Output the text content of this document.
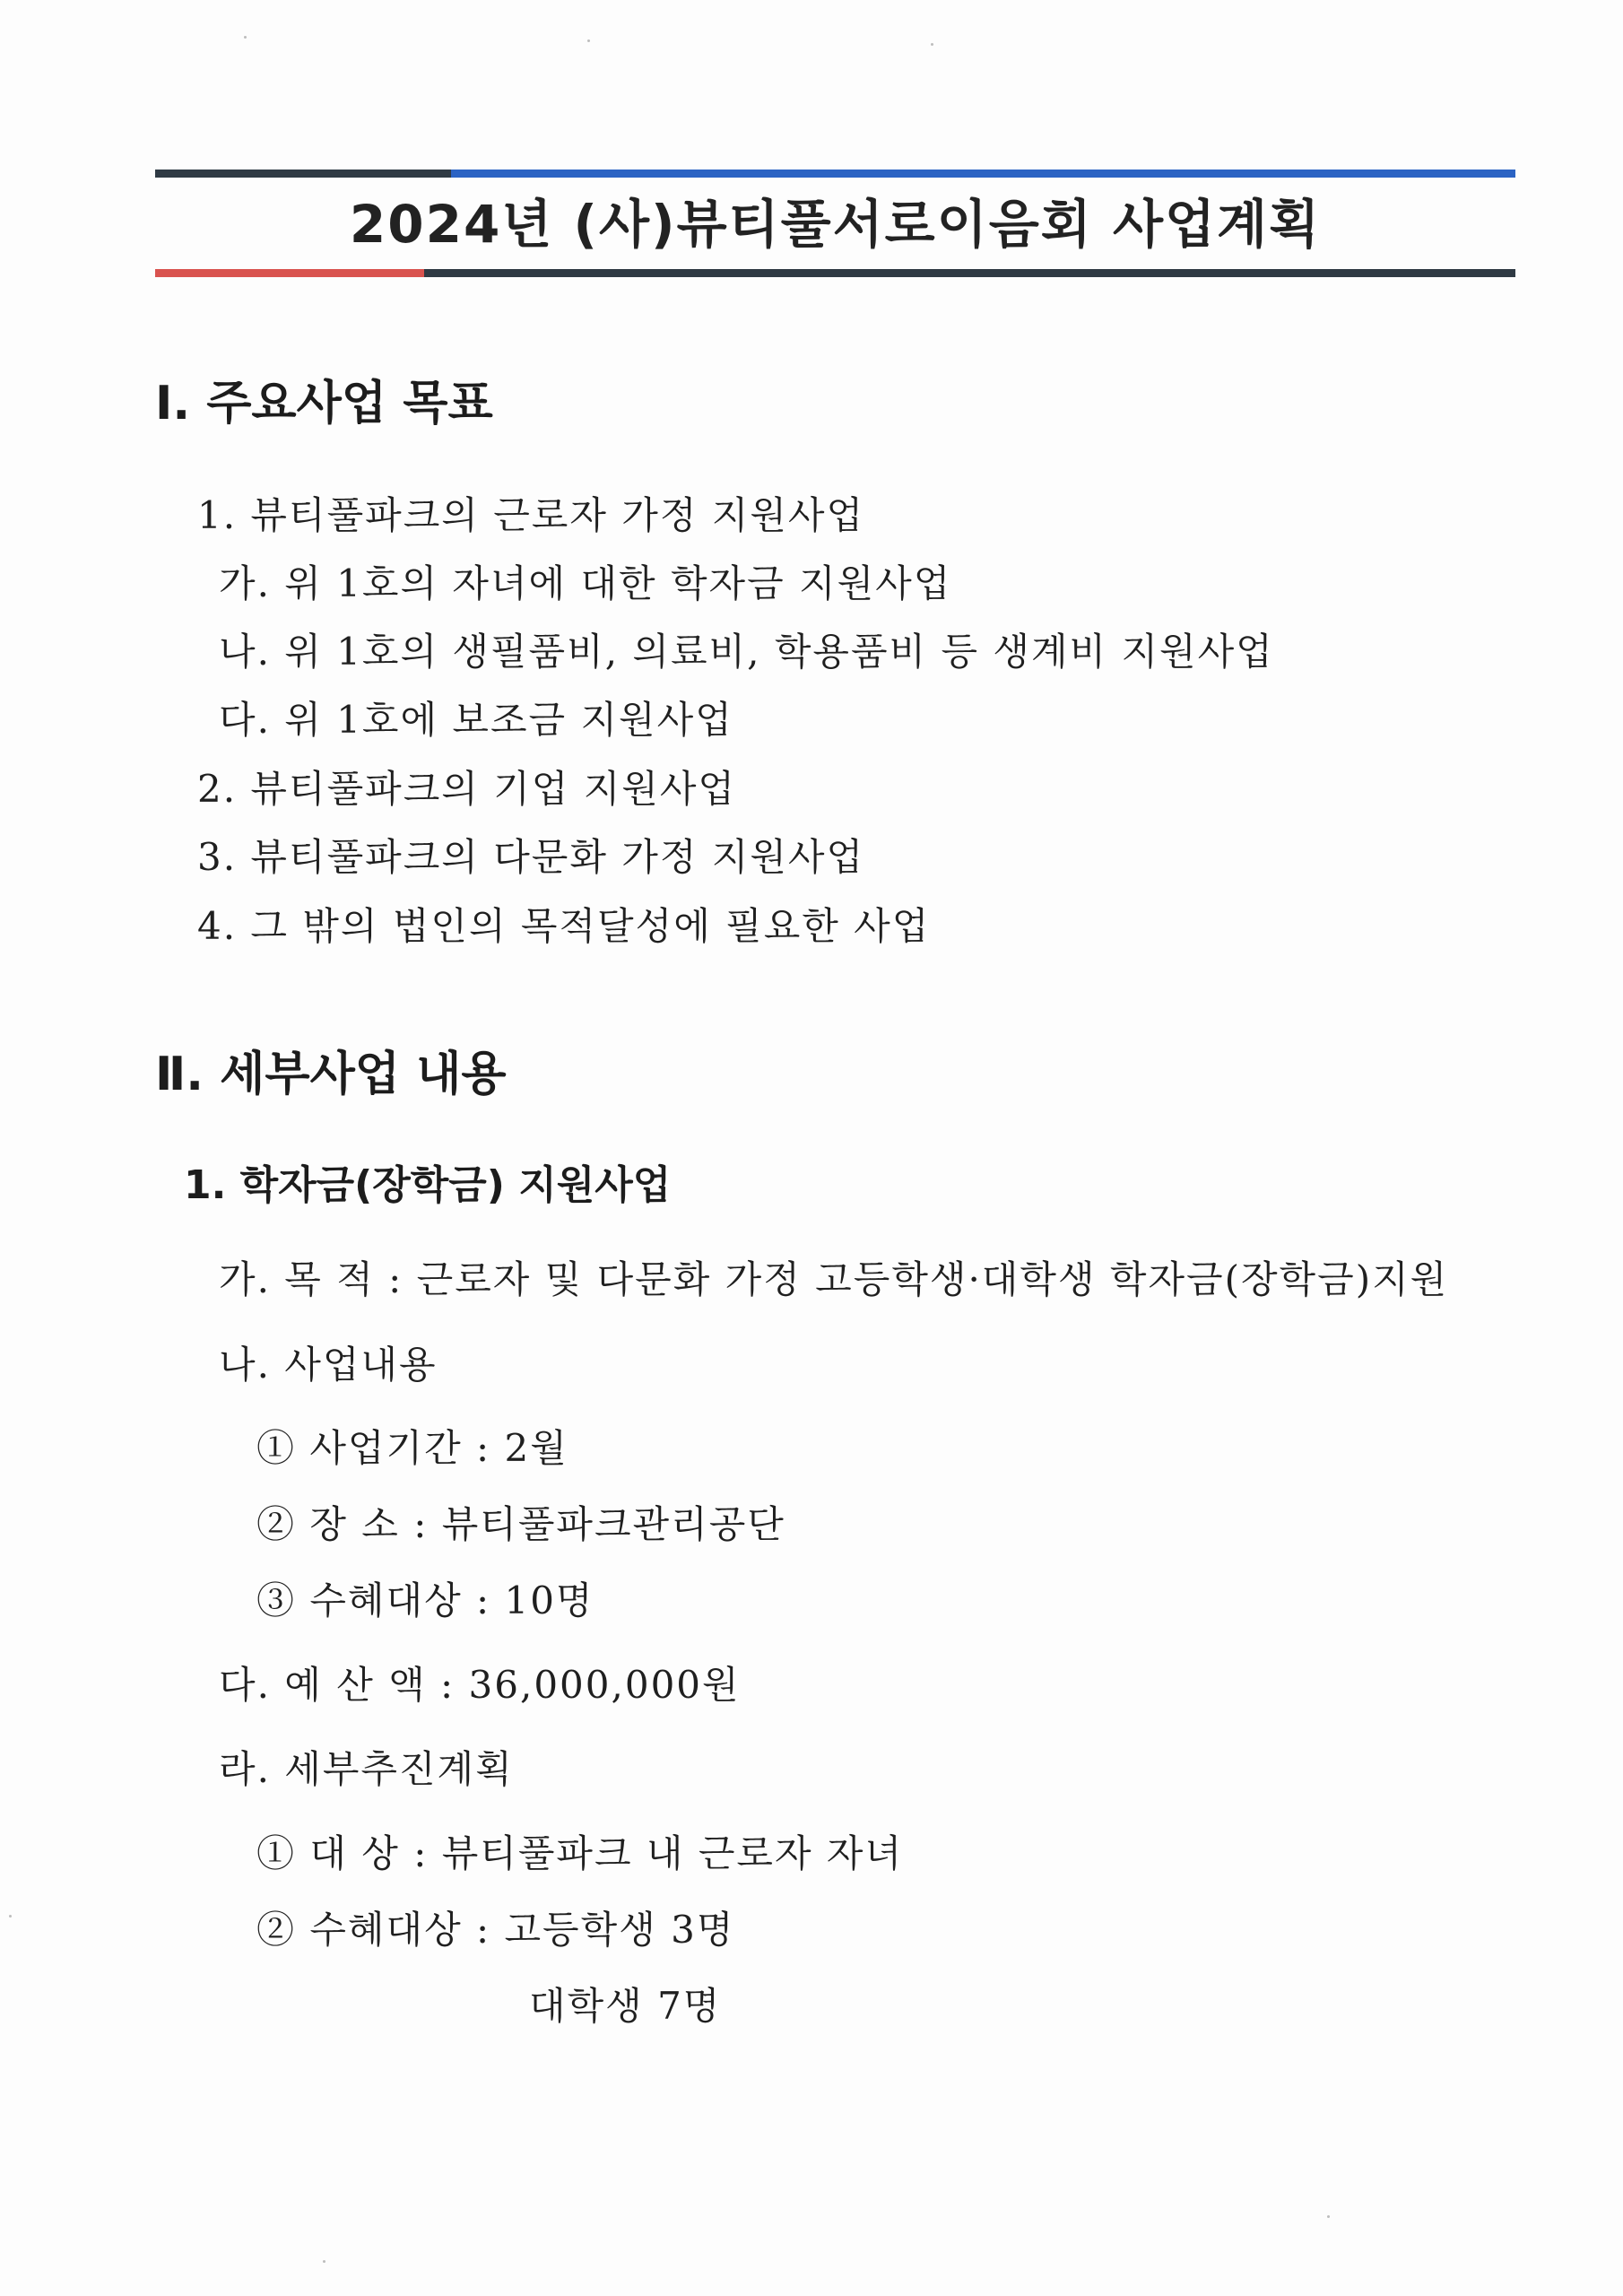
2024년 (사)뷰티풀서로이음회 사업계획
Ⅰ. 주요사업 목표
1. 뷰티풀파크의 근로자 가정 지원사업
가. 위 1호의 자녀에 대한 학자금 지원사업
나. 위 1호의 생필품비, 의료비, 학용품비 등 생계비 지원사업
다. 위 1호에 보조금 지원사업
2. 뷰티풀파크의 기업 지원사업
3. 뷰티풀파크의 다문화 가정 지원사업
4. 그 밖의 법인의 목적달성에 필요한 사업
Ⅱ. 세부사업 내용
1. 학자금(장학금) 지원사업
가. 목 적 : 근로자 및 다문화 가정 고등학생·대학생 학자금(장학금)지원
나. 사업내용
① 사업기간 : 2월
② 장 소 : 뷰티풀파크관리공단
③ 수혜대상 : 10명
다. 예 산 액 : 36,000,000원
라. 세부추진계획
① 대 상 : 뷰티풀파크 내 근로자 자녀
② 수혜대상 : 고등학생 3명
대학생 7명
